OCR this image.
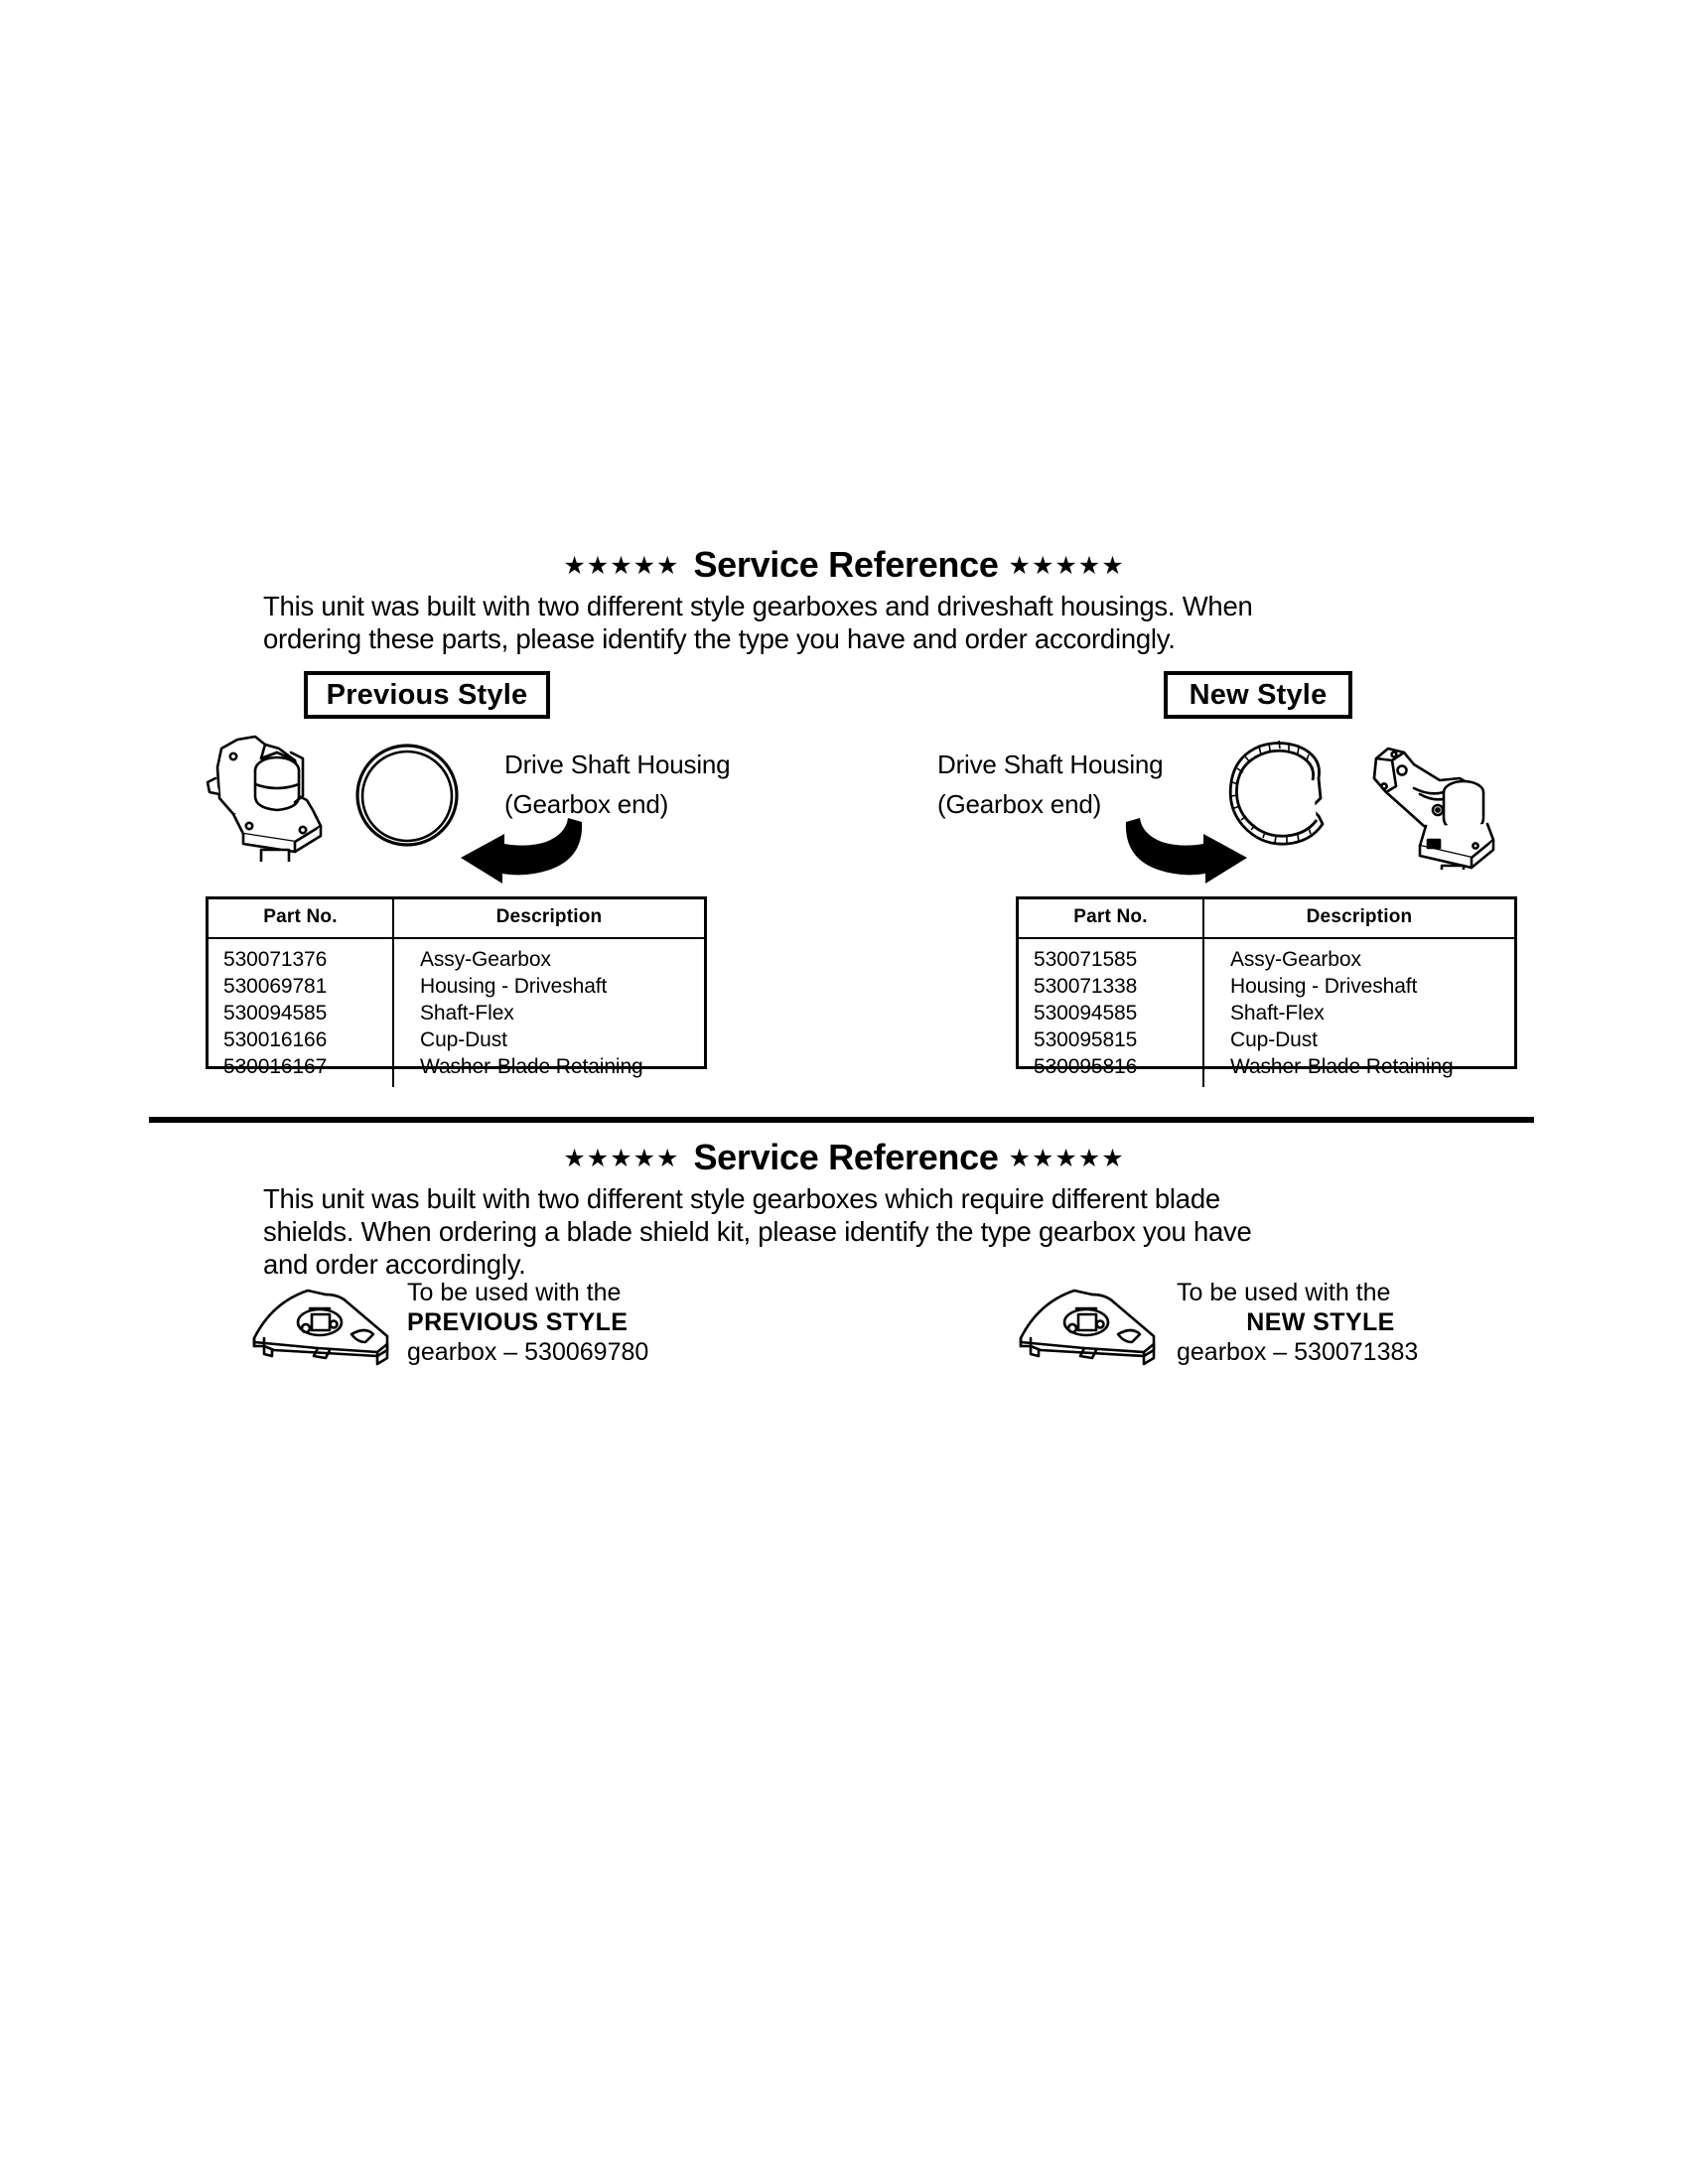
★★★★★ Service Reference ★★★★★
This unit was built with two different style gearboxes and driveshaft housings. When
ordering these parts, please identify the type you have and order accordingly.
Previous Style	New Style
Drive Shaft Housing
(Gearbox end)
Drive Shaft Housing
(Gearbox end)
Part No.	Description
530071376	Assy-Gearbox
530069781	Housing - Driveshaft
530094585	Shaft-Flex
530016166	Cup-Dust
530016167	Washer-Blade Retaining
Part No.	Description
530071585	Assy-Gearbox
530071338	Housing - Driveshaft
530094585	Shaft-Flex
530095815	Cup-Dust
530095816	Washer-Blade Retaining
★★★★★ Service Reference ★★★★★
This unit was built with two different style gearboxes which require different blade
shields. When ordering a blade shield kit, please identify the type gearbox you have
and order accordingly.
To be used with the
PREVIOUS STYLE
gearbox – 530069780
To be used with the
NEW STYLE
gearbox – 530071383
